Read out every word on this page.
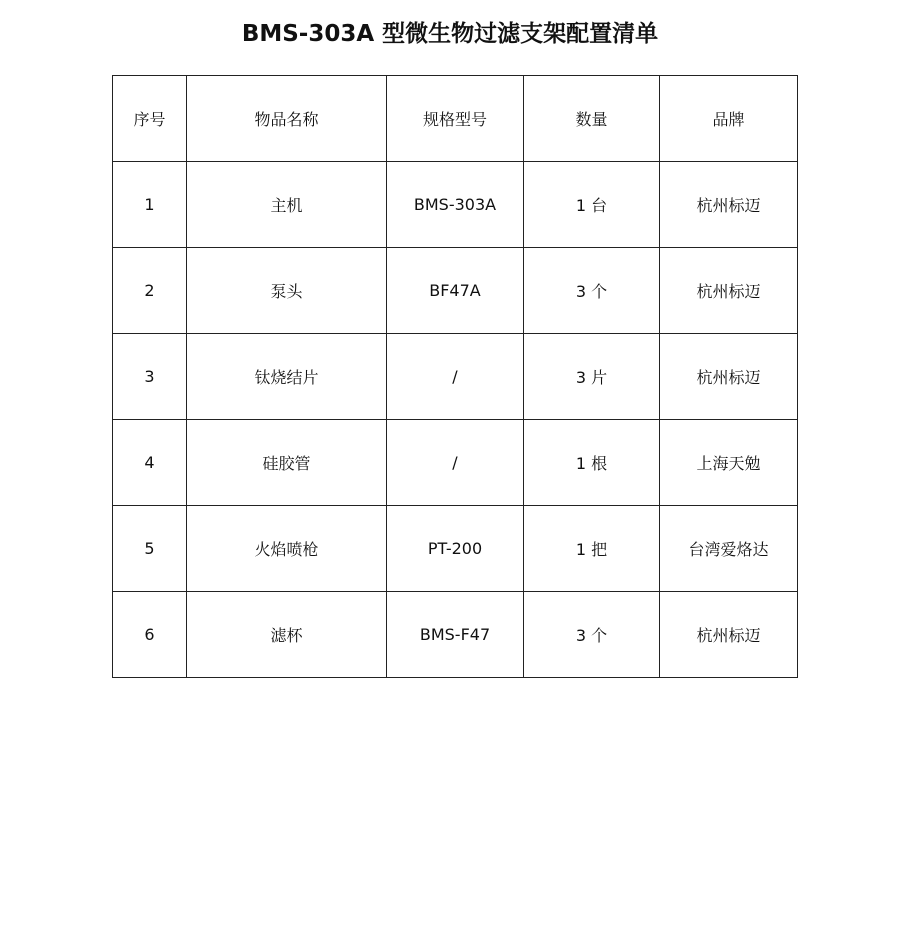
BMS-303A 型微生物过滤支架配置清单
序号	物品名称	规格型号	数量	品牌
1	主机	BMS-303A	1 台	杭州标迈
2	泵头	BF47A	3 个	杭州标迈
3	钛烧结片	/	3 片	杭州标迈
4	硅胶管	/	1 根	上海天勉
5	火焰喷枪	PT-200	1 把	台湾爱烙达
6	滤杯	BMS-F47	3 个	杭州标迈
